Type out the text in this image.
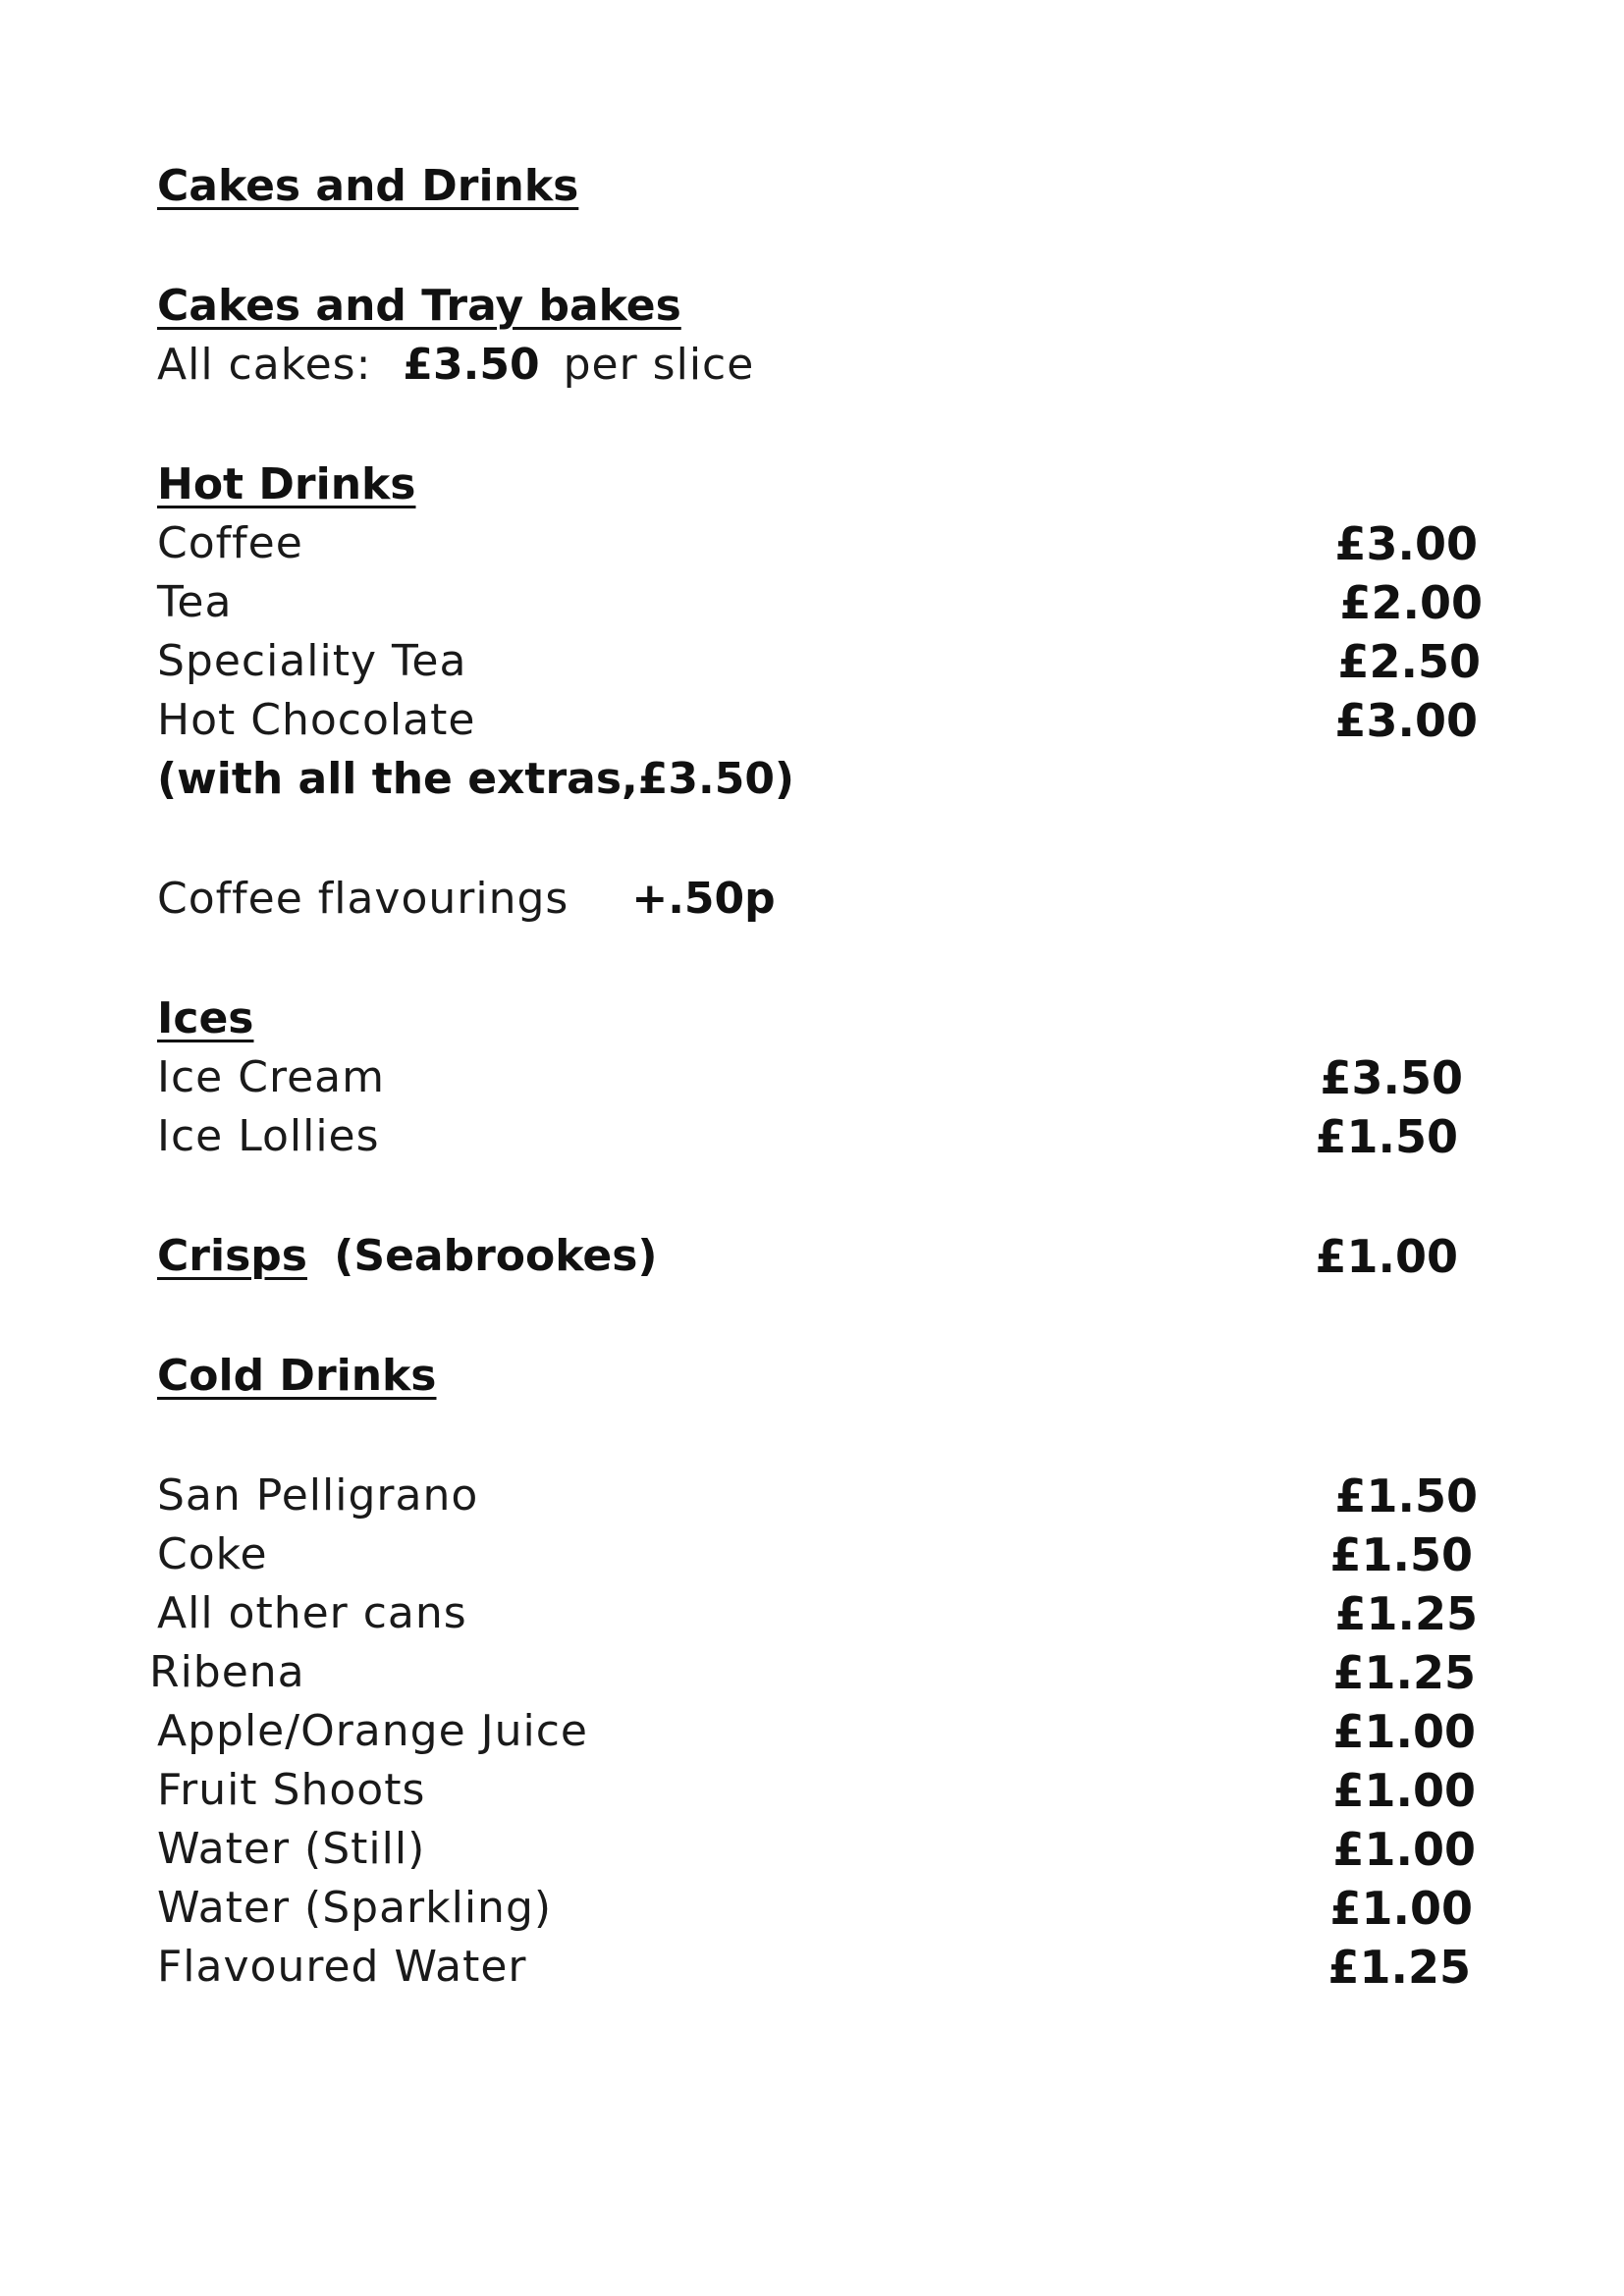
Cakes and Drinks
Cakes and Tray bakes
All cakes: £3.50 per slice
Hot Drinks
Coffee	£3.00
Tea	£2.00
Speciality Tea	£2.50
Hot Chocolate	£3.00
(with all the extras,£3.50)
Coffee flavourings +.50p
Ices
Ice Cream	£3.50
Ice Lollies	£1.50
Crisps (Seabrookes)	£1.00
Cold Drinks
San Pelligrano	£1.50
Coke	£1.50
All other cans	£1.25
Ribena	£1.25
Apple/Orange Juice	£1.00
Fruit Shoots	£1.00
Water (Still)	£1.00
Water (Sparkling)	£1.00
Flavoured Water	£1.25
